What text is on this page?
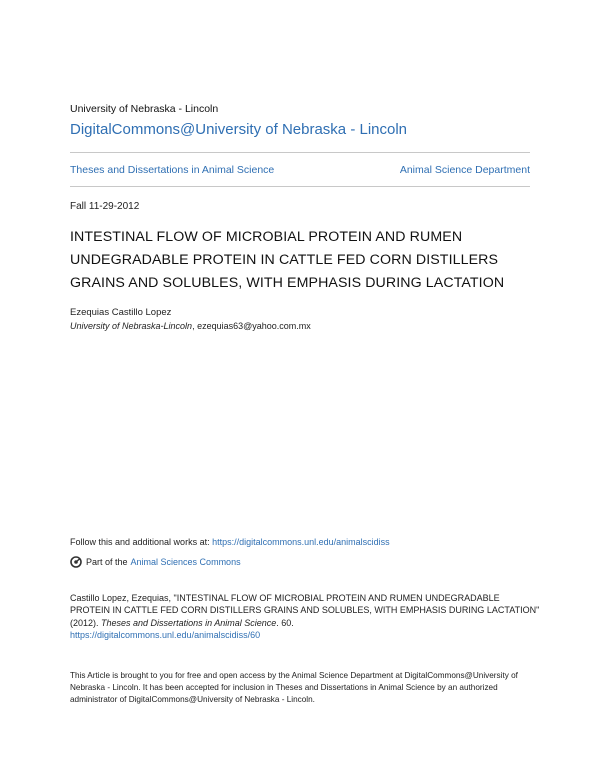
University of Nebraska - Lincoln
DigitalCommons@University of Nebraska - Lincoln
Theses and Dissertations in Animal Science	Animal Science Department
Fall 11-29-2012
INTESTINAL FLOW OF MICROBIAL PROTEIN AND RUMEN
UNDEGRADABLE PROTEIN IN CATTLE FED CORN DISTILLERS
GRAINS AND SOLUBLES, WITH EMPHASIS DURING LACTATION
Ezequias Castillo Lopez
University of Nebraska-Lincoln, ezequias63@yahoo.com.mx
Follow this and additional works at: https://digitalcommons.unl.edu/animalscidiss
Part of the Animal Sciences Commons
Castillo Lopez, Ezequias, "INTESTINAL FLOW OF MICROBIAL PROTEIN AND RUMEN UNDEGRADABLE PROTEIN IN CATTLE FED CORN DISTILLERS GRAINS AND SOLUBLES, WITH EMPHASIS DURING LACTATION" (2012). Theses and Dissertations in Animal Science. 60.
https://digitalcommons.unl.edu/animalscidiss/60
This Article is brought to you for free and open access by the Animal Science Department at DigitalCommons@University of Nebraska - Lincoln. It has been accepted for inclusion in Theses and Dissertations in Animal Science by an authorized administrator of DigitalCommons@University of Nebraska - Lincoln.
